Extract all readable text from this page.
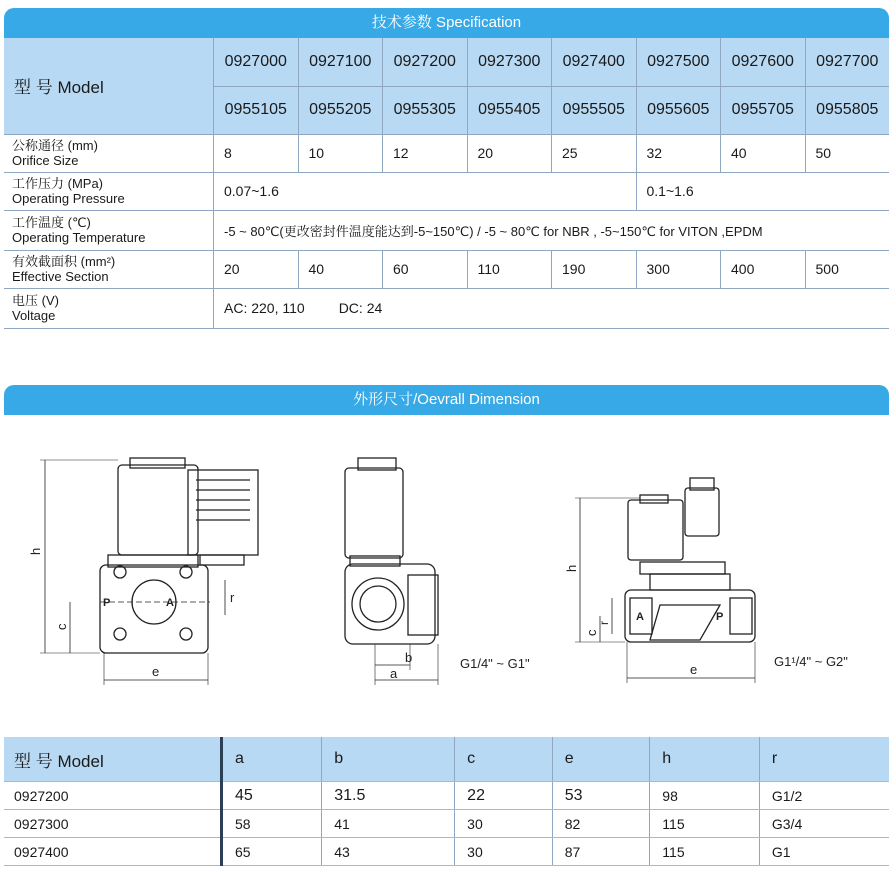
技术参数 Specification
型 号 Model	0927000	0927100	0927200	0927300	0927400	0927500	0927600	0927700
	0955105	0955205	0955305	0955405	0955505	0955605	0955705	0955805

公称通径 (mm)
Orifice Size	8	10	12	20	25	32	40	50

工作压力 (MPa)
Operating Pressure	0.07~1.6					0.1~1.6		

工作温度 (℃)
Operating Temperature	-5 ~ 80℃(更改密封件温度能达到-5~150℃) / -5 ~ 80℃ for NBR , -5~150℃ for VITON ,EPDM							

有效截面积 (mm²)
Effective Section	20	40	60	110	190	300	400	500

电压 (V)
Voltage	AC: 220, 110 DC: 24							
外形尺寸/Oevrall Dimension
h
c
e
r
P	A
b
a
G1/4" ~ G1"
h
c
r
e
A	P
G1¹/4" ~ G2"
型 号 Model	a	b	c	e	h	r
0927200	45	31.5	22	53	98	G1/2
0927300	58	41	30	82	115	G3/4
0927400	65	43	30	87	115	G1
